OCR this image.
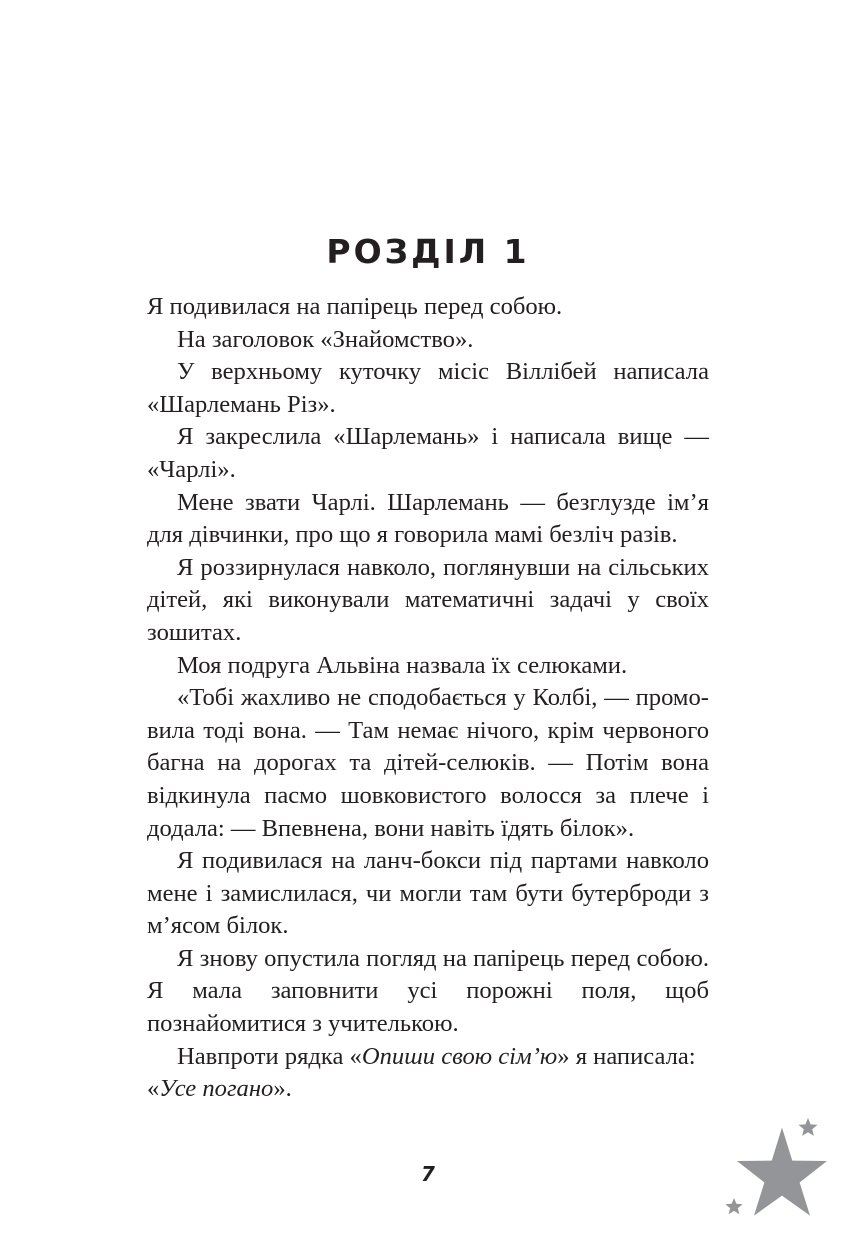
РОЗДІЛ 1

Я подивилася на папірець перед собою.

На заголовок «Знайомство».

У верхньому куточку місіс Віллібей написала «Шарлемань Різ».

Я закреслила «Шарлемань» і написала вище — «Чарлі».

Мене звати Чарлі. Шарлемань — безглузде ім’я для дівчинки, про що я говорила мамі безліч разів.

Я роззирнулася навколо, поглянувши на сільських дітей, які виконували математичні задачі у своїх зошитах.

Моя подруга Альвіна назвала їх селюками.

«Тобі жахливо не сподобається у Колбі, — промовила тоді вона. — Там немає нічого, крім червоного багна на дорогах та дітей-селюків. — Потім вона відкинула пасмо шовковистого волосся за плече і додала: — Впевнена, вони навіть їдять білок».

Я подивилася на ланч-бокси під партами навколо мене і замислилася, чи могли там бути бутерброди з м’ясом білок.

Я знову опустила погляд на папірець перед собою. Я мала заповнити усі порожні поля, щоб познайомитися з учителькою.

Навпроти рядка «Опиши свою сім’ю» я написала: «Усе погано».

7
